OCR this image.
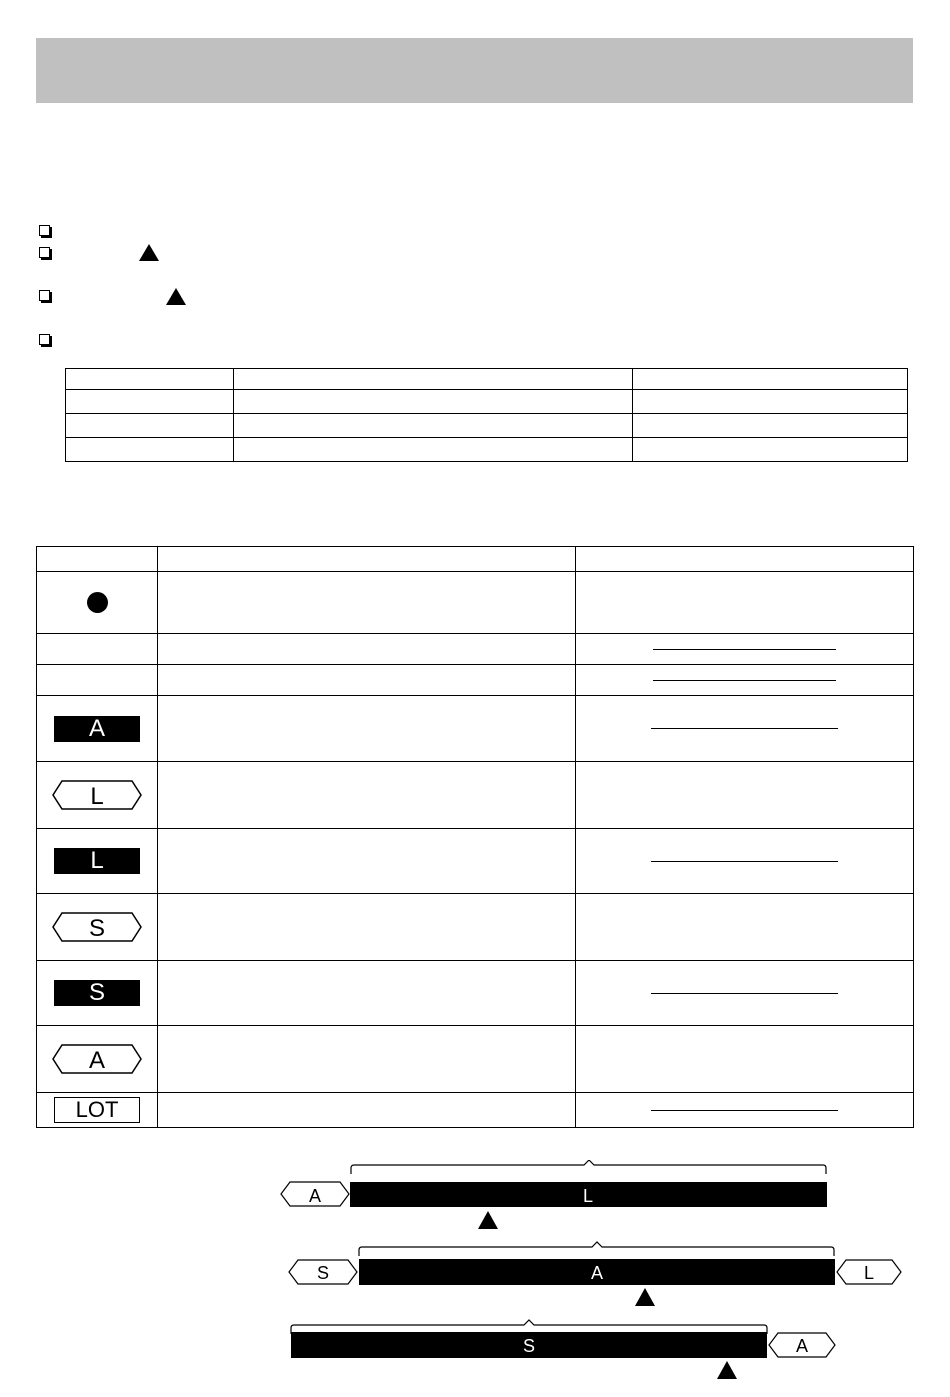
A		

L		

L		

S		

S		

A		

LOT		

A	L
S	A	L
S	A
